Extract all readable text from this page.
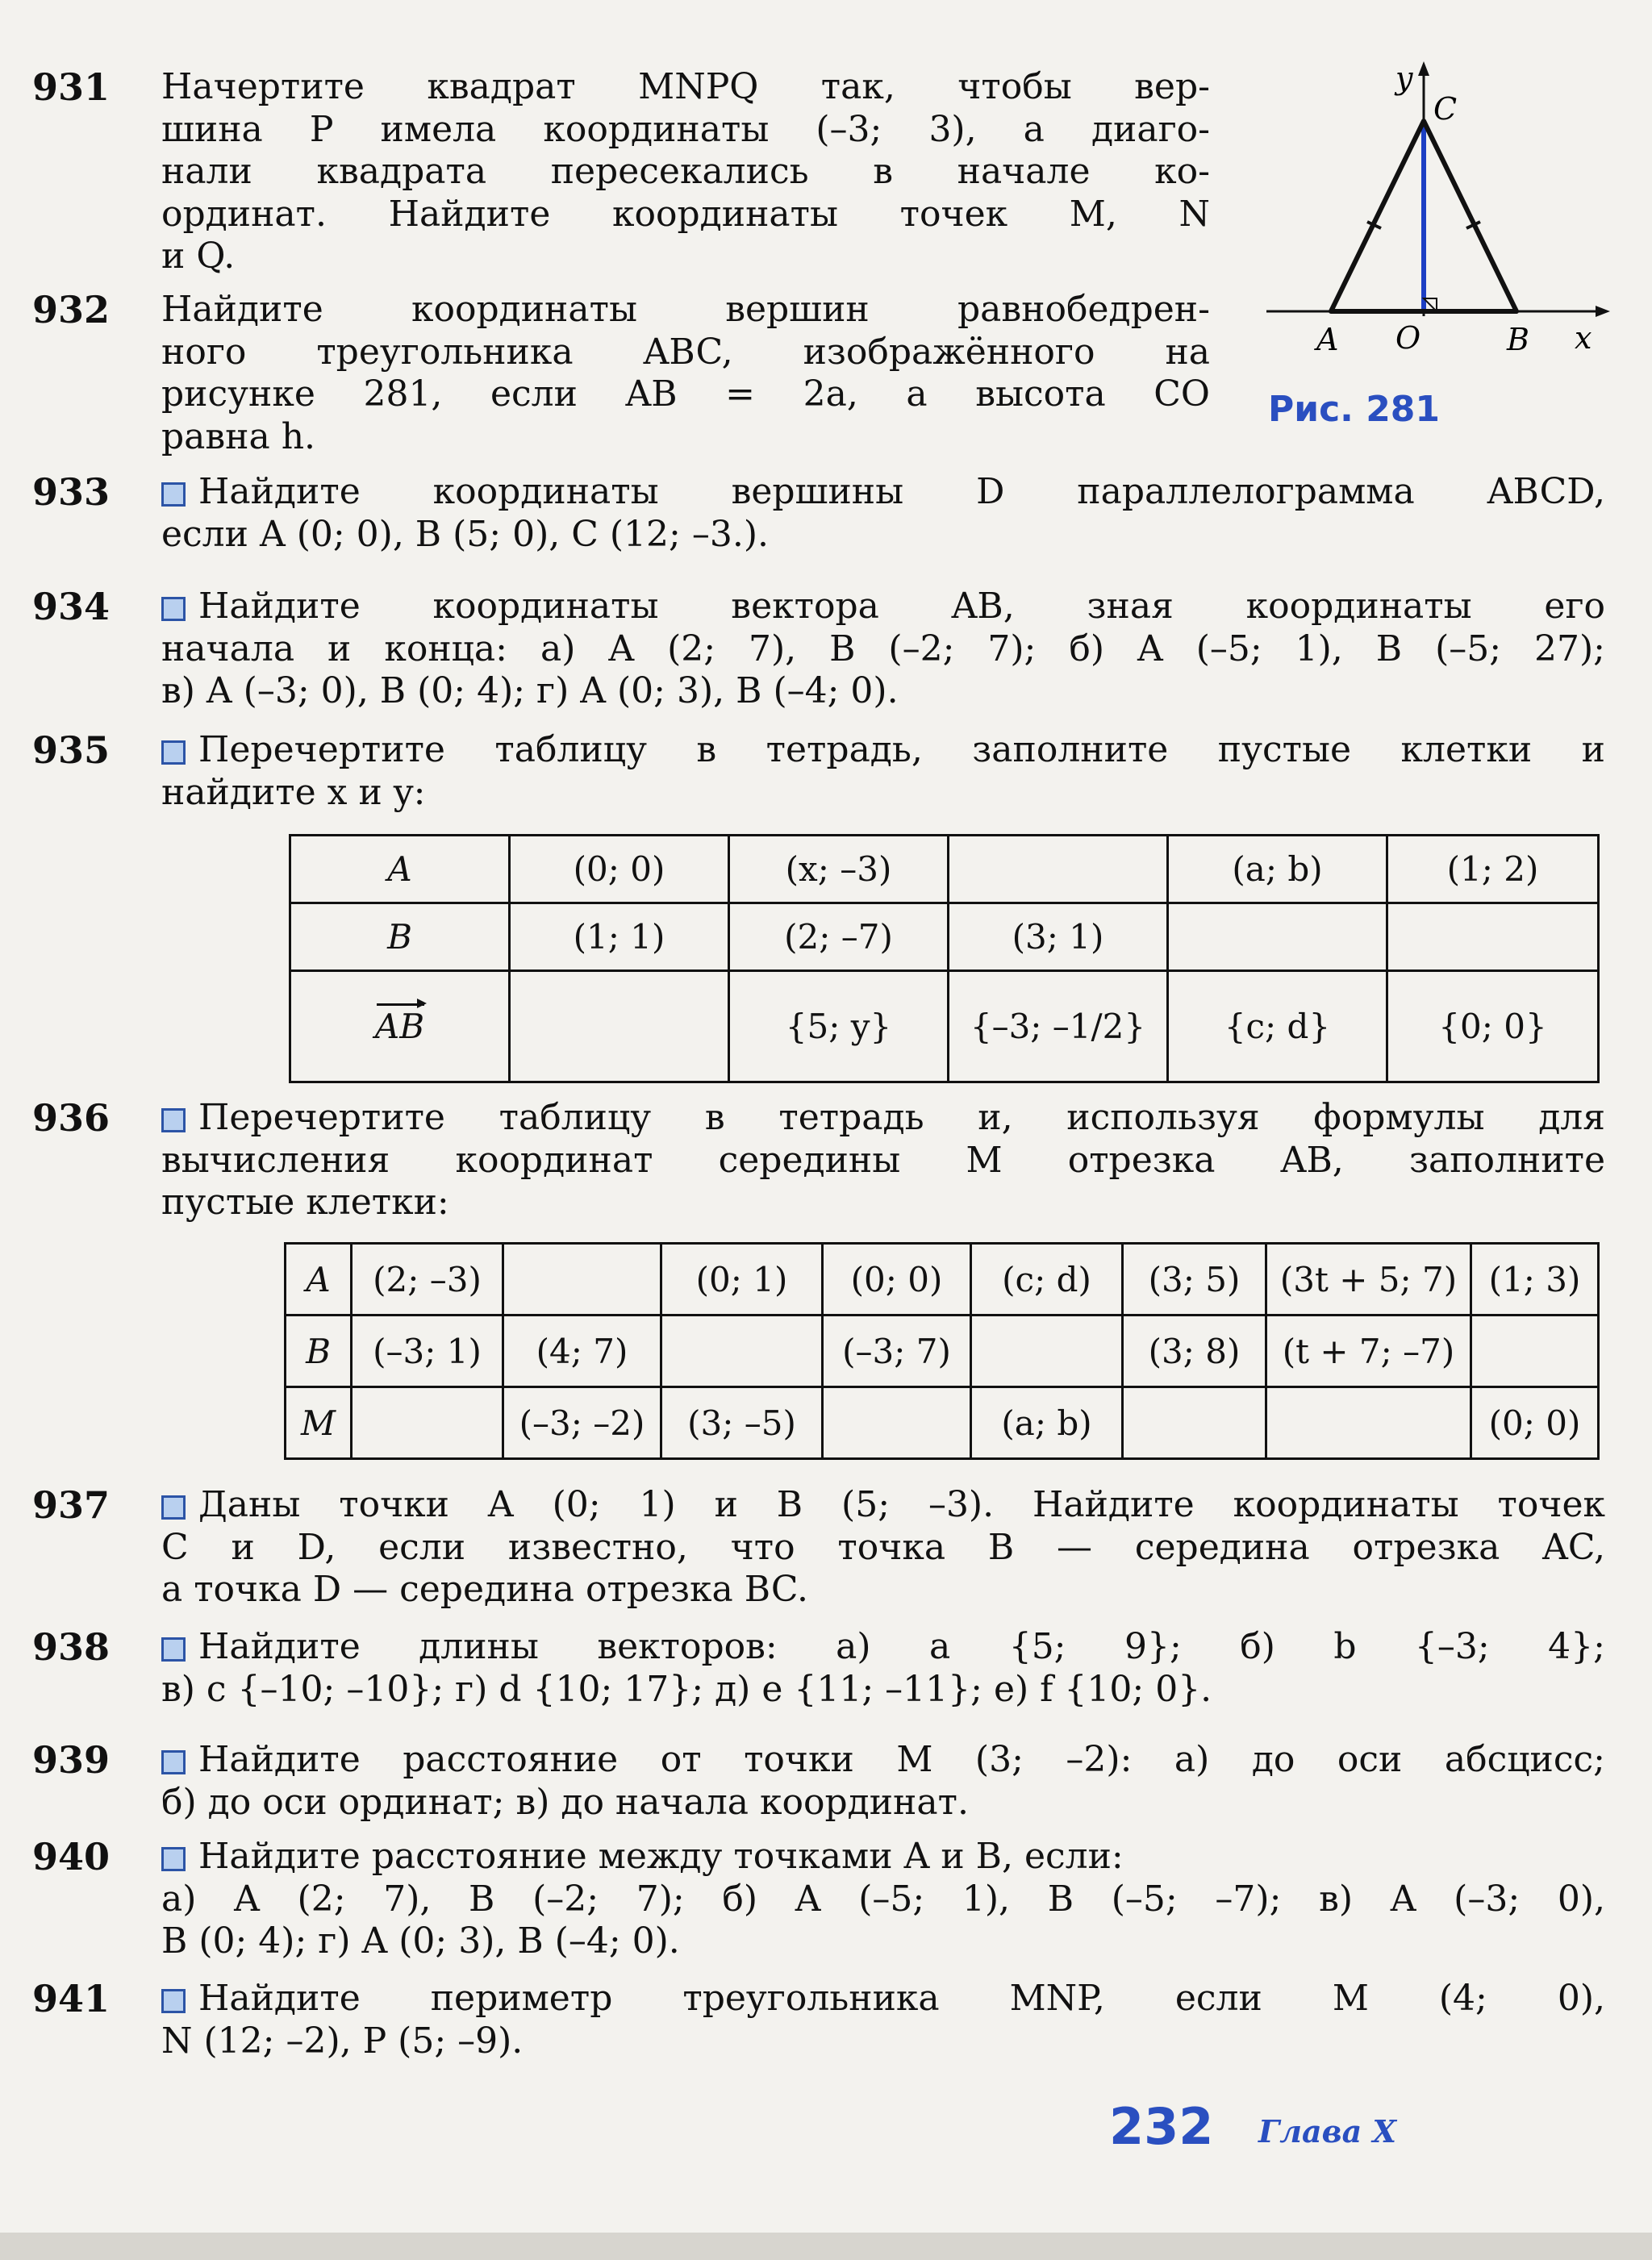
y
C
A O	B x
Рис. 281
931 Начертите квадрат MNPQ так, чтобы вер-
шина P имела координаты (–3; 3), а диаго-
нали квадрата пересекались в начале ко-
ординат. Найдите координаты точек M, N
и Q.
932 Найдите координаты вершин равнобедрен-
ного треугольника ABC, изображённого на
рисунке 281, если AB = 2a, а высота CO
равна h.
933	Найдите координаты вершины D параллелограмма ABCD,
если A (0; 0), B (5; 0), C (12; –3.).
934	Найдите координаты вектора AB, зная координаты его
начала и конца: а) A (2; 7), B (–2; 7); б) A (–5; 1), B (–5; 27);
в) A (–3; 0), B (0; 4); г) A (0; 3), B (–4; 0).
935	Перечертите таблицу в тетрадь, заполните пустые клетки и
найдите x и y:
A	(0; 0)	(x; –3)		(a; b)	(1; 2)
B	(1; 1)	(2; –7)	(3; 1)		
AB		{5; y}	{–3; –1/2}	{c; d}	{0; 0}
936	Перечертите таблицу в тетрадь и, используя формулы для
вычисления координат середины M отрезка AB, заполните
пустые клетки:
A	(2; –3)		(0; 1)	(0; 0)	(c; d)	(3; 5)	(3t + 5; 7)	(1; 3)
B	(–3; 1)	(4; 7)		(–3; 7)		(3; 8)	(t + 7; –7)	
M		(–3; –2)	(3; –5)		(a; b)			(0; 0)
937	Даны точки A (0; 1) и B (5; –3). Найдите координаты точек
C и D, если известно, что точка B — середина отрезка AC,
а точка D — середина отрезка BC.
938	Найдите длины векторов: а) a {5; 9}; б) b {–3; 4};
в) c {–10; –10}; г) d {10; 17}; д) e {11; –11}; е) f {10; 0}.
939	Найдите расстояние от точки M (3; –2): а) до оси абсцисс;
б) до оси ординат; в) до начала координат.
940	Найдите расстояние между точками A и B, если:
а) A (2; 7), B (–2; 7); б) A (–5; 1), B (–5; –7); в) A (–3; 0),
B (0; 4); г) A (0; 3), B (–4; 0).
941	Найдите периметр треугольника MNP, если M (4; 0),
N (12; –2), P (5; –9).
232 Глава X
